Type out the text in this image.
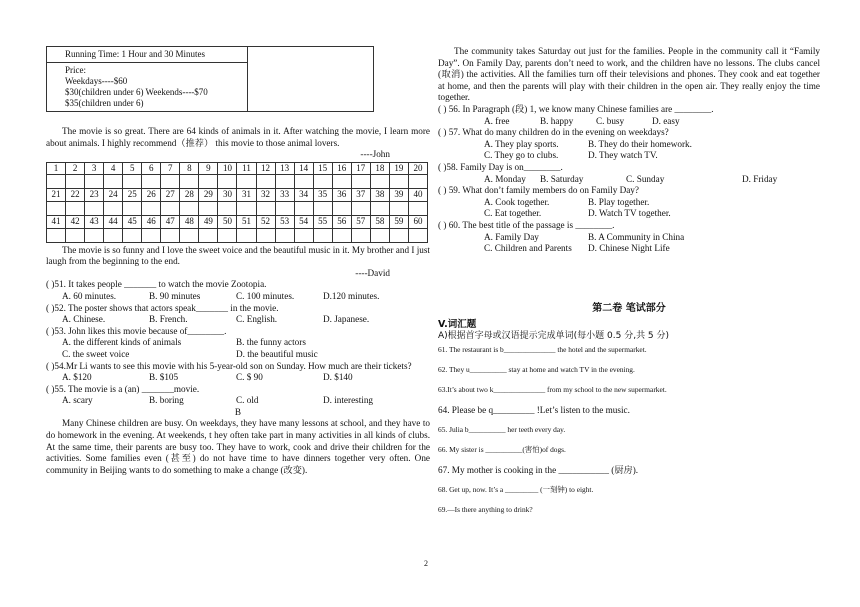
Running Time: 1 Hour and 30 Minutes	

Price:
Weekdays----$60
$30(children under 6) Weekends----$70
$35(children under 6)

The movie is so great. There are 64 kinds of animals in it. After watching the movie, I learn more about animals. I highly recommend（推荐） this movie to those animal lovers.

----John

1	2	3	4	5	6	7	8	9	10	11	12	13	14	15	16	17	18	19	20

21	22	23	24	25	26	27	28	29	30	31	32	33	34	35	36	37	38	39	40

41	42	43	44	45	46	47	48	49	50	51	52	53	54	55	56	57	58	59	60

The movie is so funny and I love the sweet voice and the beautiful music in it. My brother and I just laugh from the beginning to the end.

----David

( )51. It takes people _______ to watch the movie Zootopia.

A. 60 minutes.	B. 90 minutes	C. 100 minutes.	D.120 minutes.

( )52. The poster shows that actors speak_______ in the movie.

A. Chinese.	B. French.	C. English.	D. Japanese.

( )53. John likes this movie because of________.

A. the different kinds of animals	B. the funny actors
C. the sweet voice	D. the beautiful music

( )54.Mr Li wants to see this movie with his 5-year-old son on Sunday. How much are their tickets?

A. $120	B. $105	C. $ 90	D. $140

( )55. The movie is a (an) _______movie.

A. scary	B. boring	C. old	D. interesting

B

Many Chinese children are busy. On weekdays, they have many lessons at school, and they have to do homework in the evening. At weekends, t hey often take part in many activities in all kinds of clubs. At the same time, their parents are busy too. They have to work, cook and drive their children for the activities. Some families even (甚至) do not have time to have dinners together very often. One community in Beijing wants to do something to make a change (改变).

The community takes Saturday out just for the families. People in the community call it “Family Day”. On Family Day, parents don’t need to work, and the children have no lessons. The clubs cancel (取消) the activities. All the families turn off their televisions and phones. They cook and eat together at home, and then the parents will play with their children in the open air. They really enjoy the time together.

( ) 56. In Paragraph (段) 1, we know many Chinese families are ________.

A. free	B. happy	C. busy	D. easy

( ) 57. What do many children do in the evening on weekdays?

A. They play sports.	B. They do their homework.
C. They go to clubs.	D. They watch TV.

( )58. Family Day is on________.

A. Monday	B. Saturday	C. Sunday	D. Friday

( ) 59. What don’t family members do on Family Day?

A. Cook together.	B. Play together.
C. Eat together.	D. Watch TV together.

( ) 60. The best title of the passage is ________.

A. Family Day	B. A Community in China
C. Children and Parents	D. Chinese Night Life

第二卷 笔试部分

V.词汇题

A)根据首字母或汉语提示完成单词(每小题 0.5 分,共 5 分)

61. The restaurant is b______________ the hotel and the supermarket.

62. They u__________ stay at home and watch TV in the evening.

63.It’s about two k______________ from my school to the new supermarket.

64. Please be q_________ !Let’s listen to the music.

65. Julia b__________ her teeth every day.

66. My sister is __________(害怕)of dogs.

67. My mother is cooking in the ___________ (厨房).

68. Get up, now. It’s a _________ (一刻钟) to eight.

69.—Is there anything to drink?

2
